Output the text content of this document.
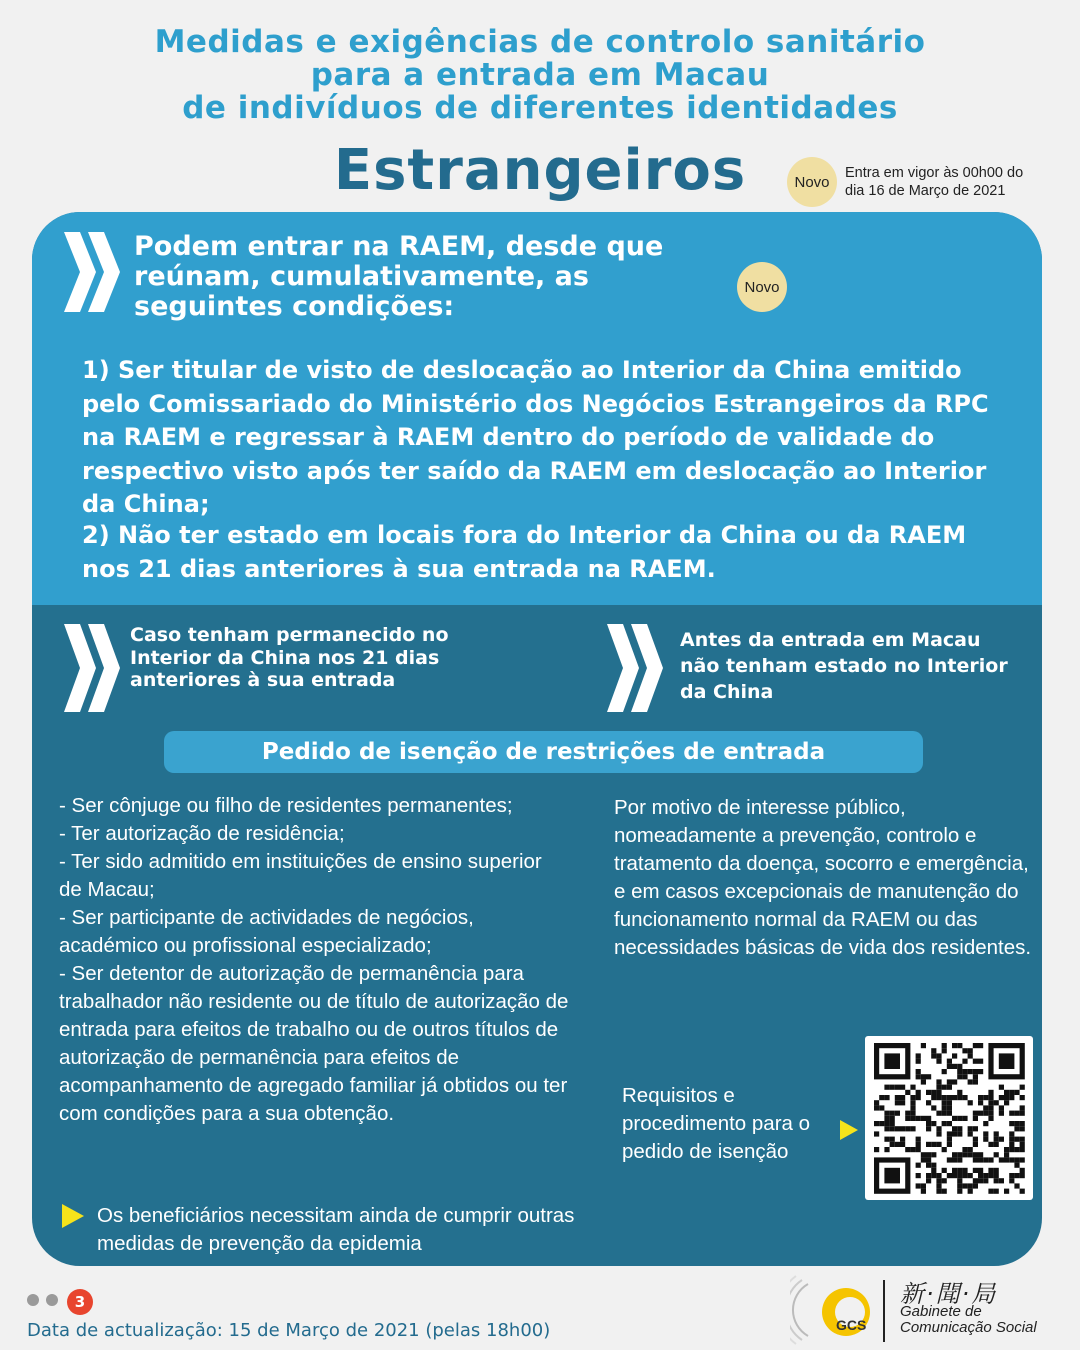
Medidas e exigências de controlo sanitário
para a entrada em Macau
de indivíduos de diferentes identidades
Estrangeiros	Novo
Entra em vigor às 00h00 do
dia 16 de Março de 2021
Podem entrar na RAEM, desde que reúnam, cumulativamente, as seguintes condições:
Novo
1) Ser titular de visto de deslocação ao Interior da China emitido pelo Comissariado do Ministério dos Negócios Estrangeiros da RPC na RAEM e regressar à RAEM dentro do período de validade do respectivo visto após ter saído da RAEM em deslocação ao Interior da China;
2) Não ter estado em locais fora do Interior da China ou da RAEM nos 21 dias anteriores à sua entrada na RAEM.
Caso tenham permanecido no Interior da China nos 21 dias anteriores à sua entrada
Antes da entrada em Macau não tenham estado no Interior da China
Pedido de isenção de restrições de entrada
- Ser cônjuge ou filho de residentes permanentes;
- Ter autorização de residência;
- Ter sido admitido em instituições de ensino superior de Macau;
- Ser participante de actividades de negócios, académico ou profissional especializado;
- Ser detentor de autorização de permanência para trabalhador não residente ou de título de autorização de entrada para efeitos de trabalho ou de outros títulos de autorização de permanência para efeitos de acompanhamento de agregado familiar já obtidos ou ter com condições para a sua obtenção.
Por motivo de interesse público, nomeadamente a prevenção, controlo e tratamento da doença, socorro e emergência, e em casos excepcionais de manutenção do funcionamento normal da RAEM ou das necessidades básicas de vida dos residentes.
Requisitos e procedimento para o pedido de isenção
Os beneficiários necessitam ainda de cumprir outras medidas de prevenção da epidemia
3
Data de actualização: 15 de Março de 2021 (pelas 18h00)	GCS
新·聞·局
Gabinete de
Comunicação Social
